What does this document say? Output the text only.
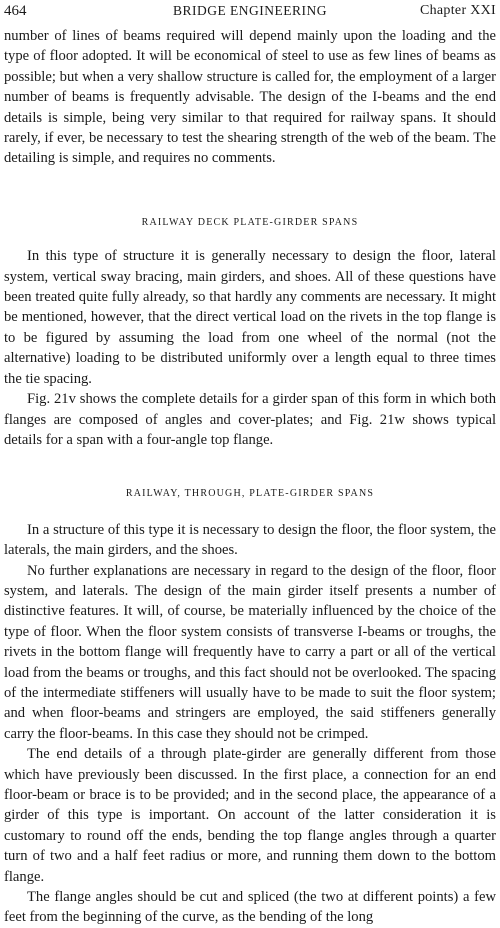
464	BRIDGE ENGINEERING	Chapter XXI

number of lines of beams required will depend mainly upon the loading and the type of floor adopted. It will be economical of steel to use as few lines of beams as possible; but when a very shallow structure is called for, the employment of a larger number of beams is frequently advisable. The design of the I-beams and the end details is simple, being very similar to that required for railway spans. It should rarely, if ever, be necessary to test the shearing strength of the web of the beam. The detailing is simple, and requires no comments.

RAILWAY DECK PLATE-GIRDER SPANS

In this type of structure it is generally necessary to design the floor, lateral system, vertical sway bracing, main girders, and shoes. All of these questions have been treated quite fully already, so that hardly any comments are necessary. It might be mentioned, however, that the direct vertical load on the rivets in the top flange is to be figured by assuming the load from one wheel of the normal (not the alternative) loading to be distributed uniformly over a length equal to three times the tie spacing.

Fig. 21v shows the complete details for a girder span of this form in which both flanges are composed of angles and cover-plates; and Fig. 21w shows typical details for a span with a four-angle top flange.

RAILWAY, THROUGH, PLATE-GIRDER SPANS

In a structure of this type it is necessary to design the floor, the floor system, the laterals, the main girders, and the shoes.

No further explanations are necessary in regard to the design of the floor, floor system, and laterals. The design of the main girder itself presents a number of distinctive features. It will, of course, be materially influenced by the choice of the type of floor. When the floor system consists of transverse I-beams or troughs, the rivets in the bottom flange will frequently have to carry a part or all of the vertical load from the beams or troughs, and this fact should not be overlooked. The spacing of the intermediate stiffeners will usually have to be made to suit the floor system; and when floor-beams and stringers are employed, the said stiffeners generally carry the floor-beams. In this case they should not be crimped.

The end details of a through plate-girder are generally different from those which have previously been discussed. In the first place, a connection for an end floor-beam or brace is to be provided; and in the second place, the appearance of a girder of this type is important. On account of the latter consideration it is customary to round off the ends, bending the top flange angles through a quarter turn of two and a half feet radius or more, and running them down to the bottom flange.

The flange angles should be cut and spliced (the two at different points) a few feet from the beginning of the curve, as the bending of the long
